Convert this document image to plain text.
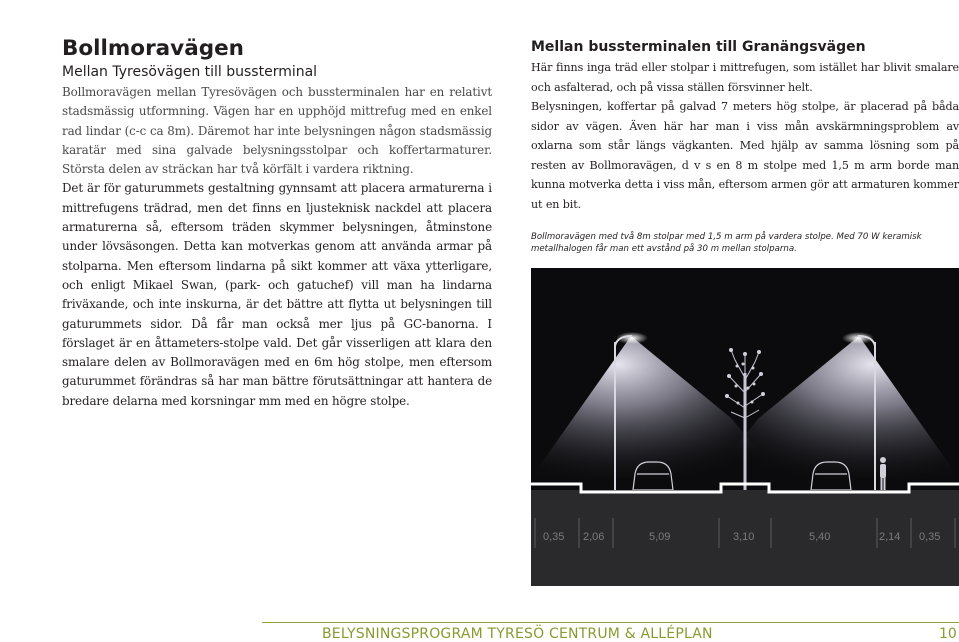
Bollmoravägen
Mellan Tyresövägen till bussterminal

Bollmoravägen mellan Tyresövägen och bussterminalen har en relativt stadsmässig utformning. Vägen har en upphöjd mittrefug med en enkel rad lindar (c-c ca 8m). Däremot har inte belysningen någon stadsmässig karatär med sina galvade belysningsstolpar och koffertarmaturer. Största delen av sträckan har två körfält i vardera riktning.

Det är för gaturummets gestaltning gynnsamt att placera armaturerna i mittrefugens trädrad, men det finns en ljusteknisk nackdel att placera armaturerna så, eftersom träden skymmer belysningen, åtminstone under lövsäsongen. Detta kan motverkas genom att använda armar på stolparna. Men eftersom lindarna på sikt kommer att växa ytterligare, och enligt Mikael Swan, (park- och gatuchef) vill man ha lindarna friväxande, och inte inskurna, är det bättre att flytta ut belysningen till gaturummets sidor. Då får man också mer ljus på GC-banorna. I förslaget är en åttameters-stolpe vald. Det går visserligen att klara den smalare delen av Bollmoravägen med en 6m hög stolpe, men eftersom gaturummet förändras så har man bättre förutsättningar att hantera de bredare delarna med korsningar mm med en högre stolpe.

Mellan bussterminalen till Granängsvägen

Här finns inga träd eller stolpar i mittrefugen, som istället har blivit smalare och asfalterad, och på vissa ställen försvinner helt.

Belysningen, koffertar på galvad 7 meters hög stolpe, är placerad på båda sidor av vägen. Även här har man i viss mån avskärmningsproblem av oxlarna som står längs vägkanten. Med hjälp av samma lösning som på resten av Bollmoravägen, d v s en 8 m stolpe med 1,5 m arm borde man kunna motverka detta i viss mån, eftersom armen gör att armaturen kommer ut en bit.

Bollmoravägen med två 8m stolpar med 1,5 m arm på vardera stolpe. Med 70 W keramisk metallhalogen får man ett avstånd på 30 m mellan stolparna.

0,35 2,06	5,09	3,10	5,40	2,14 0,35
BELYSNINGSPROGRAM TYRESÖ CENTRUM & ALLÉPLAN	10
